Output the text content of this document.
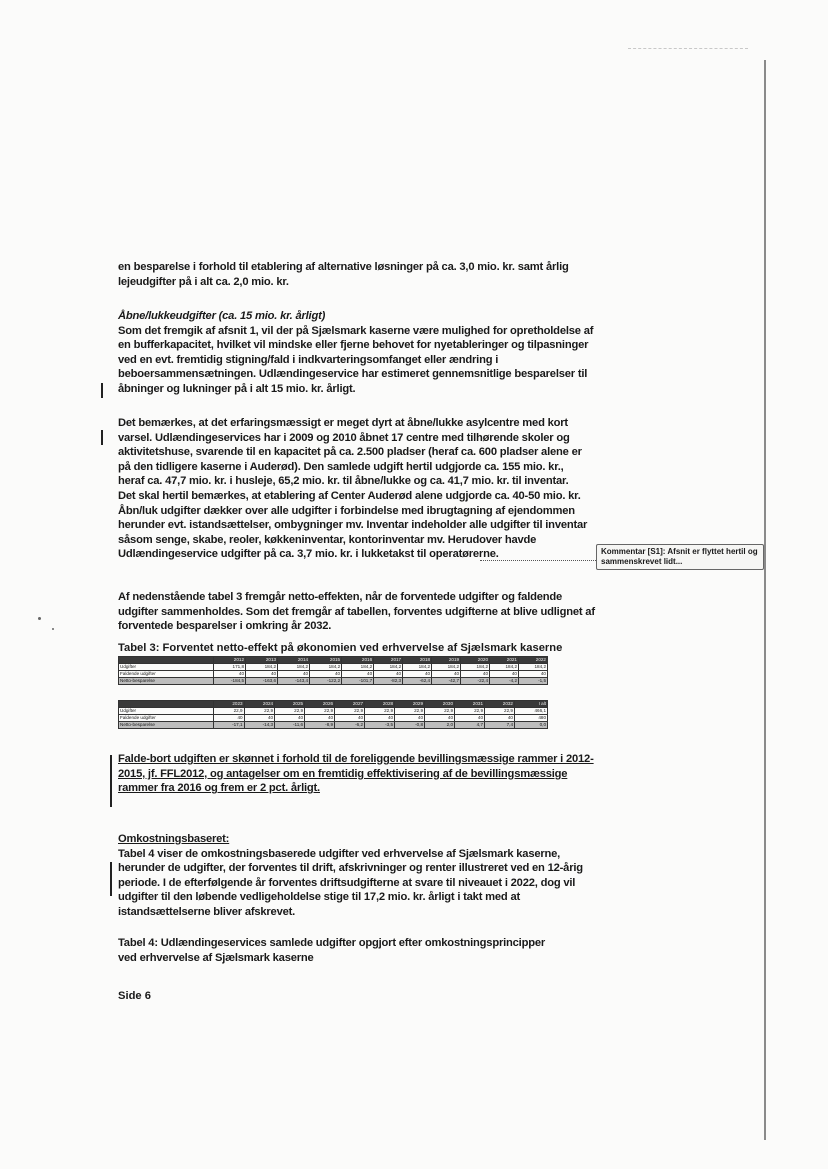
en besparelse i forhold til etablering af alternative løsninger på ca. 3,0 mio. kr. samt årlig
lejeudgifter på i alt ca. 2,0 mio. kr.
Åbne/lukkeudgifter (ca. 15 mio. kr. årligt)
Som det fremgik af afsnit 1, vil der på Sjælsmark kaserne være mulighed for opretholdelse af
en bufferkapacitet, hvilket vil mindske eller fjerne behovet for nyetableringer og tilpasninger
ved en evt. fremtidig stigning/fald i indkvarteringsomfanget eller ændring i
beboersammensætningen. Udlændingeservice har estimeret gennemsnitlige besparelser til
åbninger og lukninger på i alt 15 mio. kr. årligt.
Det bemærkes, at det erfaringsmæssigt er meget dyrt at åbne/lukke asylcentre med kort
varsel. Udlændingeservices har i 2009 og 2010 åbnet 17 centre med tilhørende skoler og
aktivitetshuse, svarende til en kapacitet på ca. 2.500 pladser (heraf ca. 600 pladser alene er
på den tidligere kaserne i Auderød). Den samlede udgift hertil udgjorde ca. 155 mio. kr.,
heraf ca. 47,7 mio. kr. i husleje, 65,2 mio. kr. til åbne/lukke og ca. 41,7 mio. kr. til inventar.
Det skal hertil bemærkes, at etablering af Center Auderød alene udgjorde ca. 40-50 mio. kr.
Åbn/luk udgifter dækker over alle udgifter i forbindelse med ibrugtagning af ejendommen
herunder evt. istandsættelser, ombygninger mv. Inventar indeholder alle udgifter til inventar
såsom senge, skabe, reoler, køkkeninventar, kontorinventar mv. Herudover havde
Udlændingeservice udgifter på ca. 3,7 mio. kr. i lukketakst til operatørerne.	Kommentar [S1]: Afsnit er flyttet hertil og sammenskrevet lidt...
Af nedenstående tabel 3 fremgår netto-effekten, når de forventede udgifter og faldende
udgifter sammenholdes. Som det fremgår af tabellen, forventes udgifterne at blive udlignet af
forventede besparelser i omkring år 2032.
Tabel 3: Forventet netto-effekt på økonomien ved erhvervelse af Sjælsmark kaserne
	2012	2013	2014	2015	2016	2017	2018	2019	2020	2021	2022
Udgifter	171,8	184,2	184,2	184,2	184,2	184,2	184,2	184,2	184,2	184,2	184,2
Faldende udgifter	40	40	40	40	40	40	40	40	40	40	40
Netto-besparelse	-184,5	-163,6	-143,4	-122,2	-101,7	-82,3	-62,4	-42,7	-22,4	-4,2	-1,5
	2023	2024	2025	2026	2027	2028	2029	2030	2031	2032	I alt
Udgifter	22,9	22,9	22,9	22,9	22,9	22,9	22,9	22,9	22,9	22,9	466,1
Faldende udgifter	40	40	40	40	40	40	40	40	40	40	480
Netto-besparelse	-17,1	-14,3	-11,6	-8,9	-6,2	-3,5	-0,8	2,0	4,7	7,4	0,0
Falde-bort udgiften er skønnet i forhold til de foreliggende bevillingsmæssige rammer i 2012-
2015, jf. FFL2012, og antagelser om en fremtidig effektivisering af de bevillingsmæssige
rammer fra 2016 og frem er 2 pct. årligt.
Omkostningsbaseret:
Tabel 4 viser de omkostningsbaserede udgifter ved erhvervelse af Sjælsmark kaserne,
herunder de udgifter, der forventes til drift, afskrivninger og renter illustreret ved en 12-årig
periode. I de efterfølgende år forventes driftsudgifterne at svare til niveauet i 2022, dog vil
udgifter til den løbende vedligeholdelse stige til 17,2 mio. kr. årligt i takt med at
istandsættelserne bliver afskrevet.
Tabel 4: Udlændingeservices samlede udgifter opgjort efter omkostningsprincipper
ved erhvervelse af Sjælsmark kaserne
Side 6
